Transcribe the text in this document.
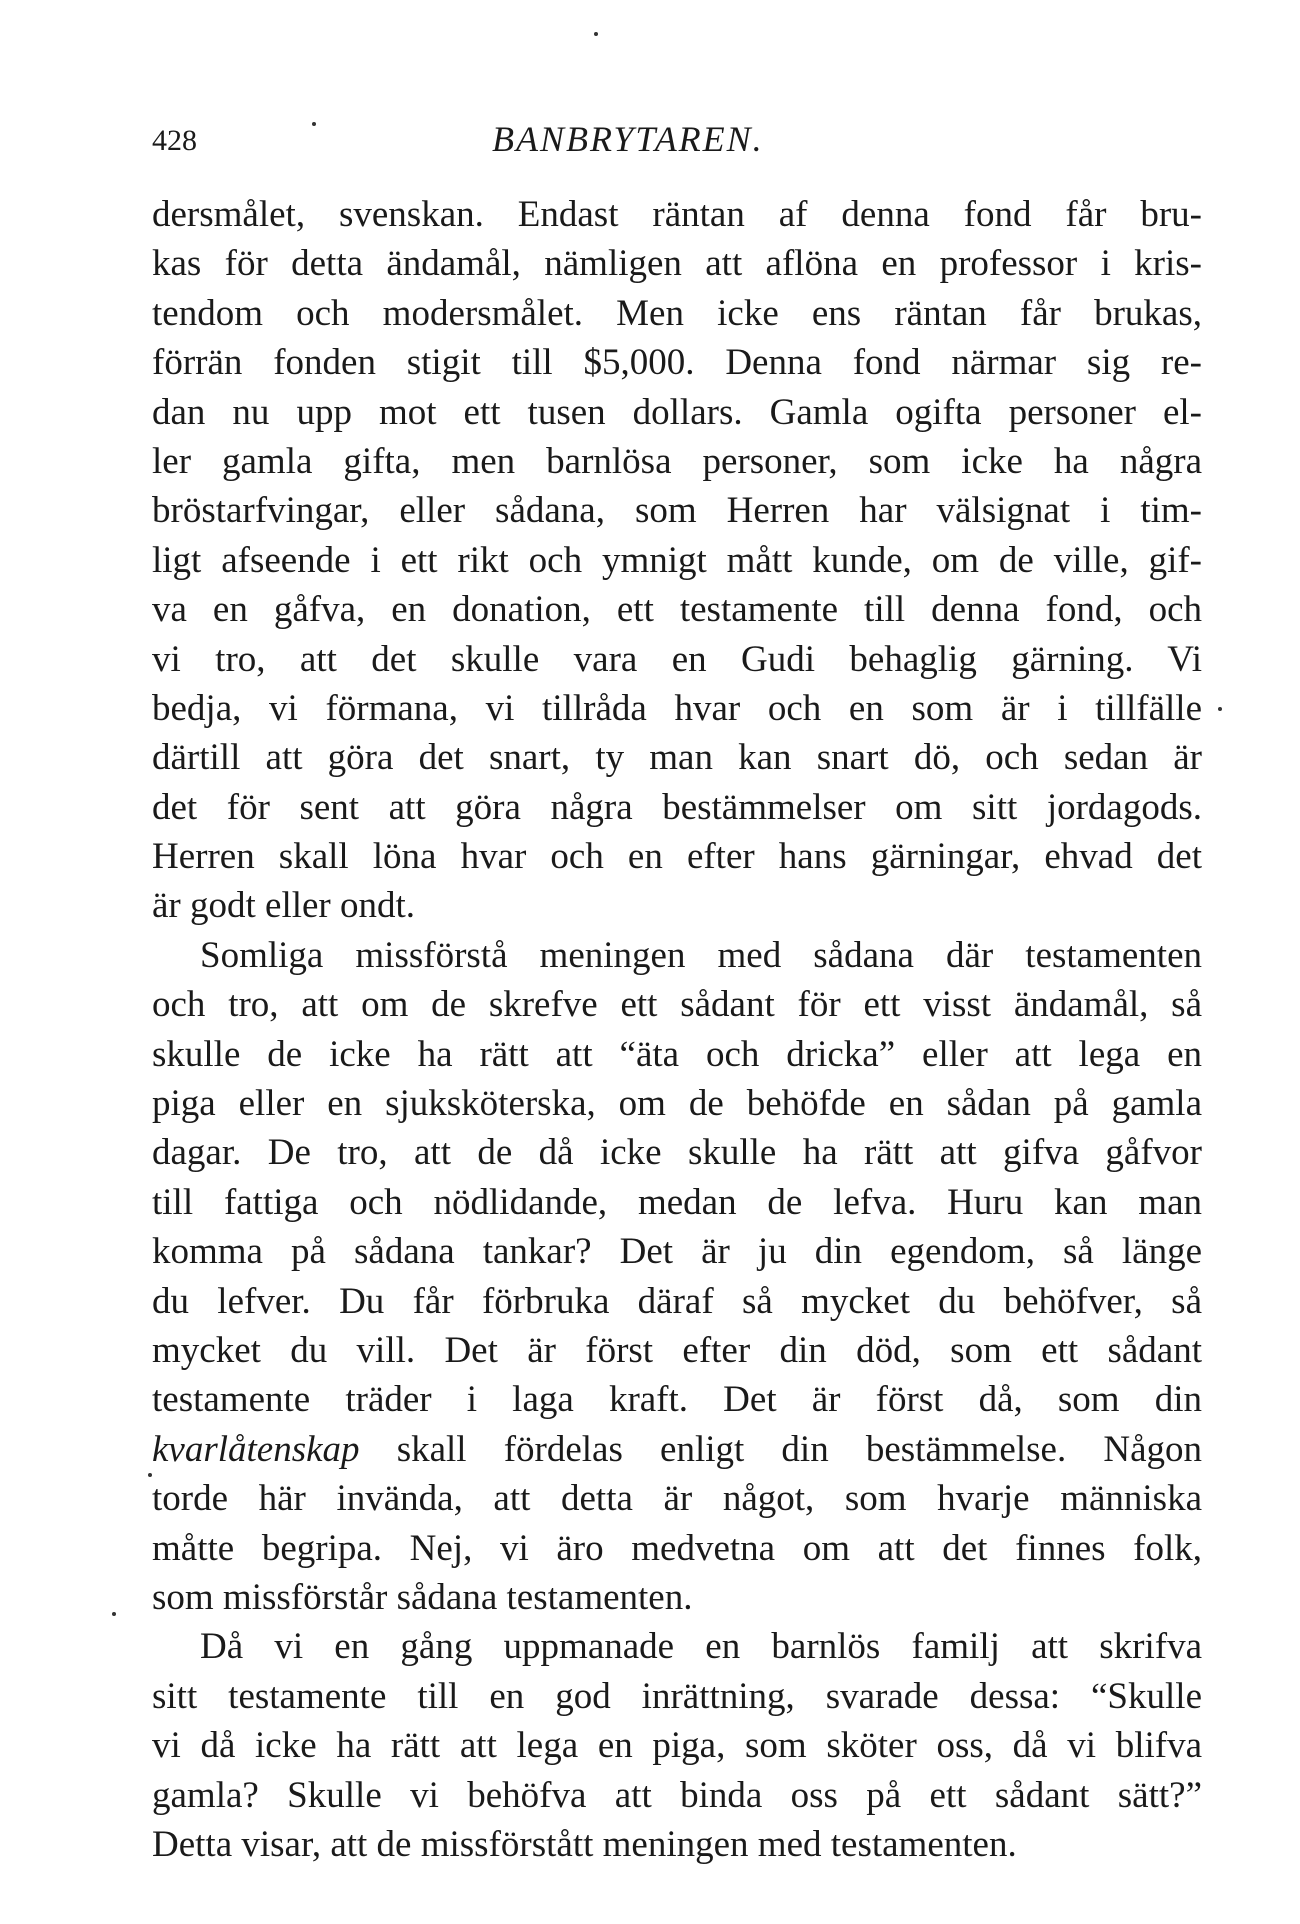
428	BANBRYTAREN.
dersmålet, svenskan. Endast räntan af denna fond får bru-
kas för detta ändamål, nämligen att aflöna en professor i kris-
tendom och modersmålet. Men icke ens räntan får brukas,
förrän fonden stigit till $5,000. Denna fond närmar sig re-
dan nu upp mot ett tusen dollars. Gamla ogifta personer el-
ler gamla gifta, men barnlösa personer, som icke ha några
bröstarfvingar, eller sådana, som Herren har välsignat i tim-
ligt afseende i ett rikt och ymnigt mått kunde, om de ville, gif-
va en gåfva, en donation, ett testamente till denna fond, och
vi tro, att det skulle vara en Gudi behaglig gärning. Vi
bedja, vi förmana, vi tillråda hvar och en som är i tillfälle
därtill att göra det snart, ty man kan snart dö, och sedan är
det för sent att göra några bestämmelser om sitt jordagods.
Herren skall löna hvar och en efter hans gärningar, ehvad det
är godt eller ondt.
Somliga missförstå meningen med sådana där testamenten
och tro, att om de skrefve ett sådant för ett visst ändamål, så
skulle de icke ha rätt att “äta och dricka” eller att lega en
piga eller en sjuksköterska, om de behöfde en sådan på gamla
dagar. De tro, att de då icke skulle ha rätt att gifva gåfvor
till fattiga och nödlidande, medan de lefva. Huru kan man
komma på sådana tankar? Det är ju din egendom, så länge
du lefver. Du får förbruka däraf så mycket du behöfver, så
mycket du vill. Det är först efter din död, som ett sådant
testamente träder i laga kraft. Det är först då, som din
kvarlåtenskap skall fördelas enligt din bestämmelse. Någon
torde här invända, att detta är något, som hvarje människa
måtte begripa. Nej, vi äro medvetna om att det finnes folk,
som missförstår sådana testamenten.
Då vi en gång uppmanade en barnlös familj att skrifva
sitt testamente till en god inrättning, svarade dessa: “Skulle
vi då icke ha rätt att lega en piga, som sköter oss, då vi blifva
gamla? Skulle vi behöfva att binda oss på ett sådant sätt?”
Detta visar, att de missförstått meningen med testamenten.
